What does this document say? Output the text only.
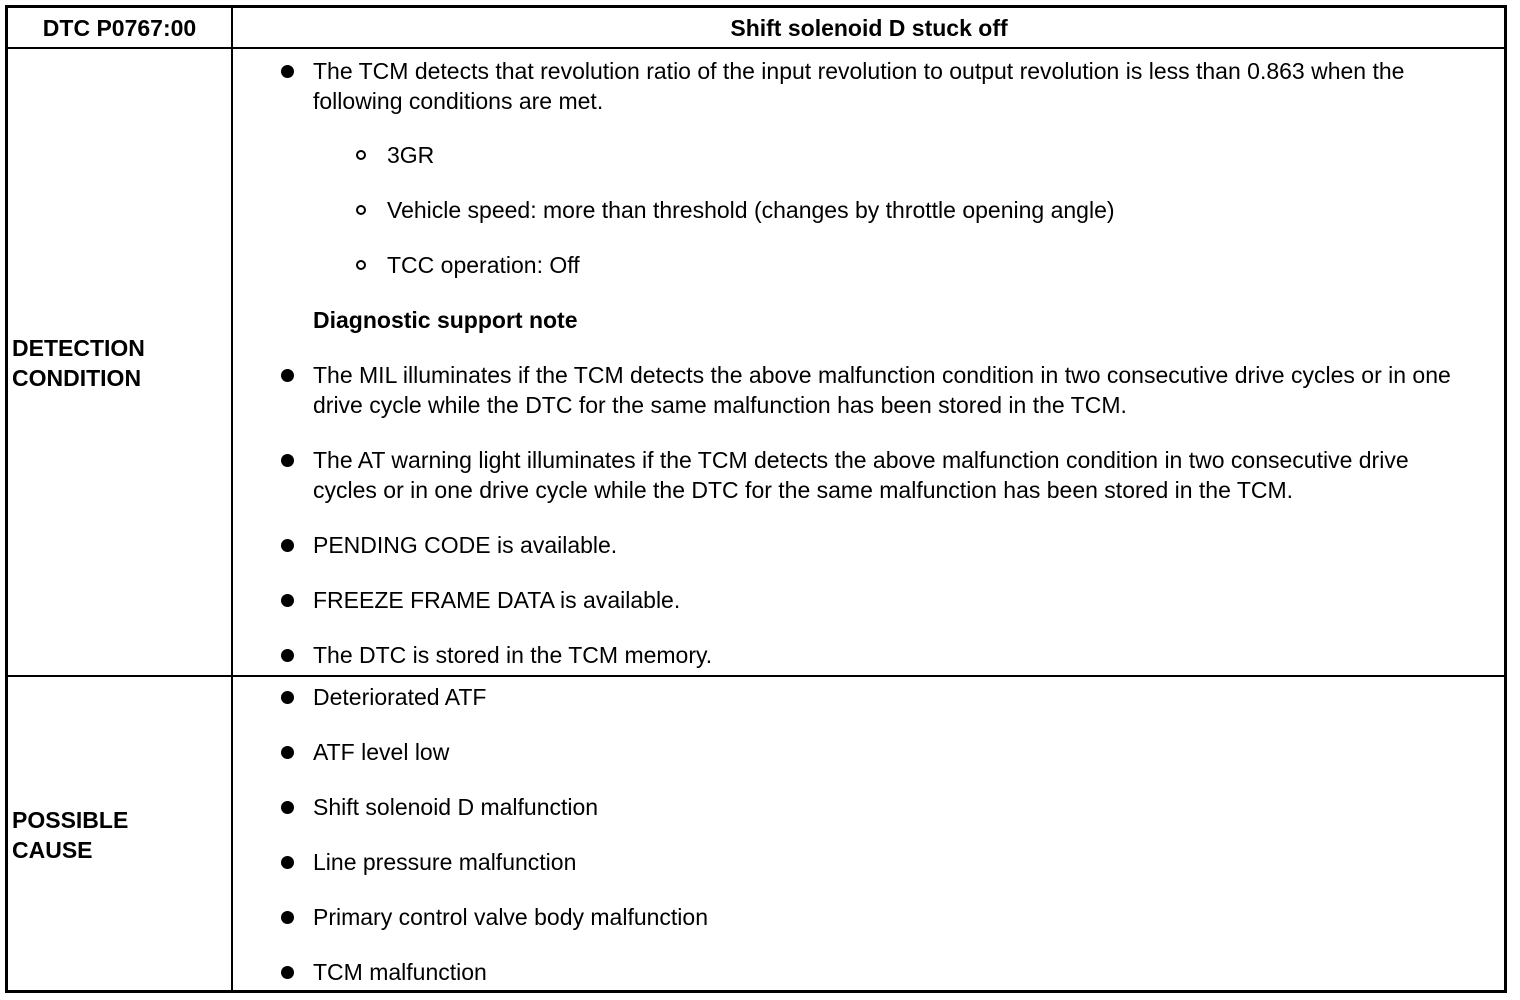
DTC P0767:00	Shift solenoid D stuck off
DETECTION
CONDITION
The TCM detects that revolution ratio of the input revolution to output revolution is less than 0.863 when the following conditions are met.
3GR
Vehicle speed: more than threshold (changes by throttle opening angle)
TCC operation: Off
Diagnostic support note
The MIL illuminates if the TCM detects the above malfunction condition in two consecutive drive cycles or in one drive cycle while the DTC for the same malfunction has been stored in the TCM.
The AT warning light illuminates if the TCM detects the above malfunction condition in two consecutive drive cycles or in one drive cycle while the DTC for the same malfunction has been stored in the TCM.
PENDING CODE is available.
FREEZE FRAME DATA is available.
The DTC is stored in the TCM memory.
POSSIBLE
CAUSE
Deteriorated ATF
ATF level low
Shift solenoid D malfunction
Line pressure malfunction
Primary control valve body malfunction
TCM malfunction
